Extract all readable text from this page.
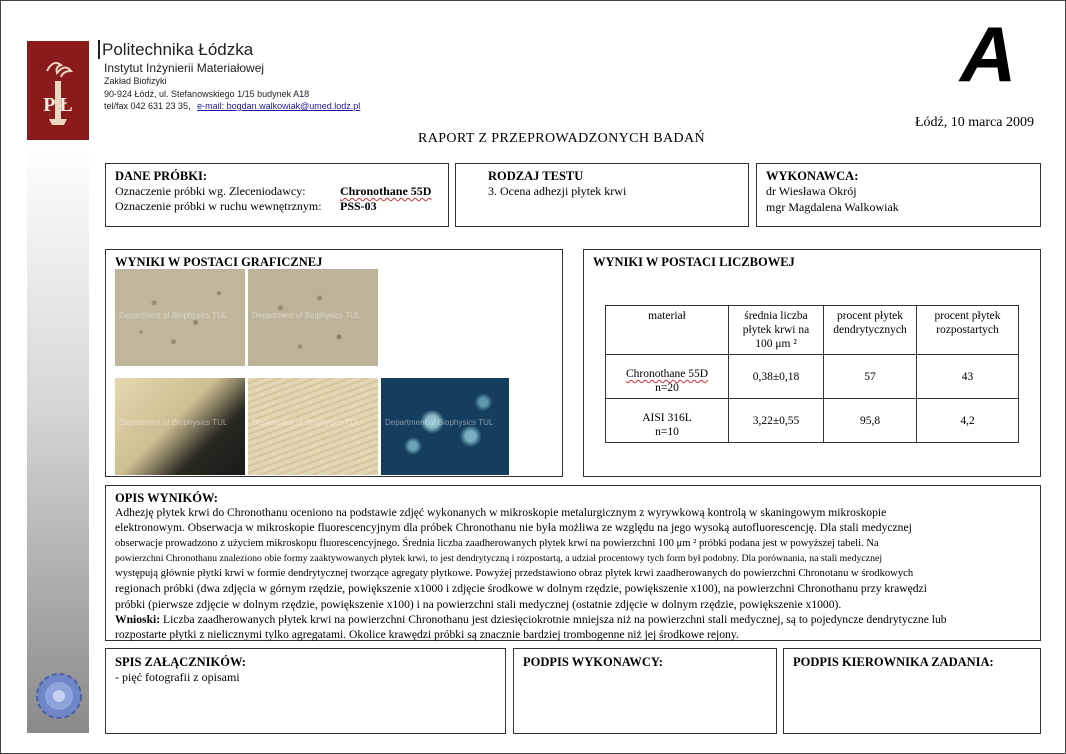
P Ł
Politechnika Łódzka
Instytut Inżynierii Materiałowej
Zakład Biofizyki
90-924 Łódź, ul. Stefanowskiego 1/15 budynek A18
tel/fax 042 631 23 35, e-mail: bogdan.walkowiak@umed.lodz.pl
A
Łódź, 10 marca 2009
RAPORT Z PRZEPROWADZONYCH BADAŃ
DANE PRÓBKI:
Oznaczenie próbki wg. Zleceniodawcy:	Chronothane 55D
Oznaczenie próbki w ruchu wewnętrznym: PSS-03
RODZAJ TESTU
3. Ocena adhezji płytek krwi
WYKONAWCA:
dr Wiesława Okrój
mgr Magdalena Walkowiak
WYNIKI W POSTACI GRAFICZNEJ
Department of Biophysics TUL	Department of Biophysics TUL
Department of Biophysics TUL	Department of Biophysics TUL	Department of Biophysics TUL
WYNIKI W POSTACI LICZBOWEJ
materiał	średnia liczba płytek krwi na 100 μm ²	procent płytek dendrytycznych	procent płytek rozpostartych
Chronothane 55D
n=20	0,38±0,18	57	43
AISI 316L
n=10	3,22±0,55	95,8	4,2
OPIS WYNIKÓW:
Adhezję płytek krwi do Chronothanu oceniono na podstawie zdjęć wykonanych w mikroskopie metalurgicznym z wyrywkową kontrolą w skaningowym mikroskopie
elektronowym. Obserwacja w mikroskopie fluorescencyjnym dla próbek Chronothanu nie była możliwa ze względu na jego wysoką autofluorescencję. Dla stali medycznej
obserwacje prowadzono z użyciem mikroskopu fluorescencyjnego. Średnia liczba zaadherowanych płytek krwi na powierzchni 100 μm ² próbki podana jest w powyższej tabeli. Na
powierzchni Chronothanu znaleziono obie formy zaaktywowanych płytek krwi, to jest dendrytyczną i rozpostartą, a udział procentowy tych form był podobny. Dla porównania, na stali medycznej
występują głównie płytki krwi w formie dendrytycznej tworzące agregaty płytkowe. Powyżej przedstawiono obraz płytek krwi zaadherowanych do powierzchni Chronotanu w środkowych
regionach próbki (dwa zdjęcia w górnym rzędzie, powiększenie x1000 i zdjęcie środkowe w dolnym rzędzie, powiększenie x100), na powierzchni Chronothanu przy krawędzi
próbki (pierwsze zdjęcie w dolnym rzędzie, powiększenie x100) i na powierzchni stali medycznej (ostatnie zdjęcie w dolnym rzędzie, powiększenie x1000).
Wnioski: Liczba zaadherowanych płytek krwi na powierzchni Chronothanu jest dziesięciokrotnie mniejsza niż na powierzchni stali medycznej, są to pojedyncze dendrytyczne lub
rozpostarte płytki z nielicznymi tylko agregatami. Okolice krawędzi próbki są znacznie bardziej trombogenne niż jej środkowe rejony.
SPIS ZAŁĄCZNIKÓW:
- pięć fotografii z opisami
PODPIS WYKONAWCY:	PODPIS KIEROWNIKA ZADANIA:
